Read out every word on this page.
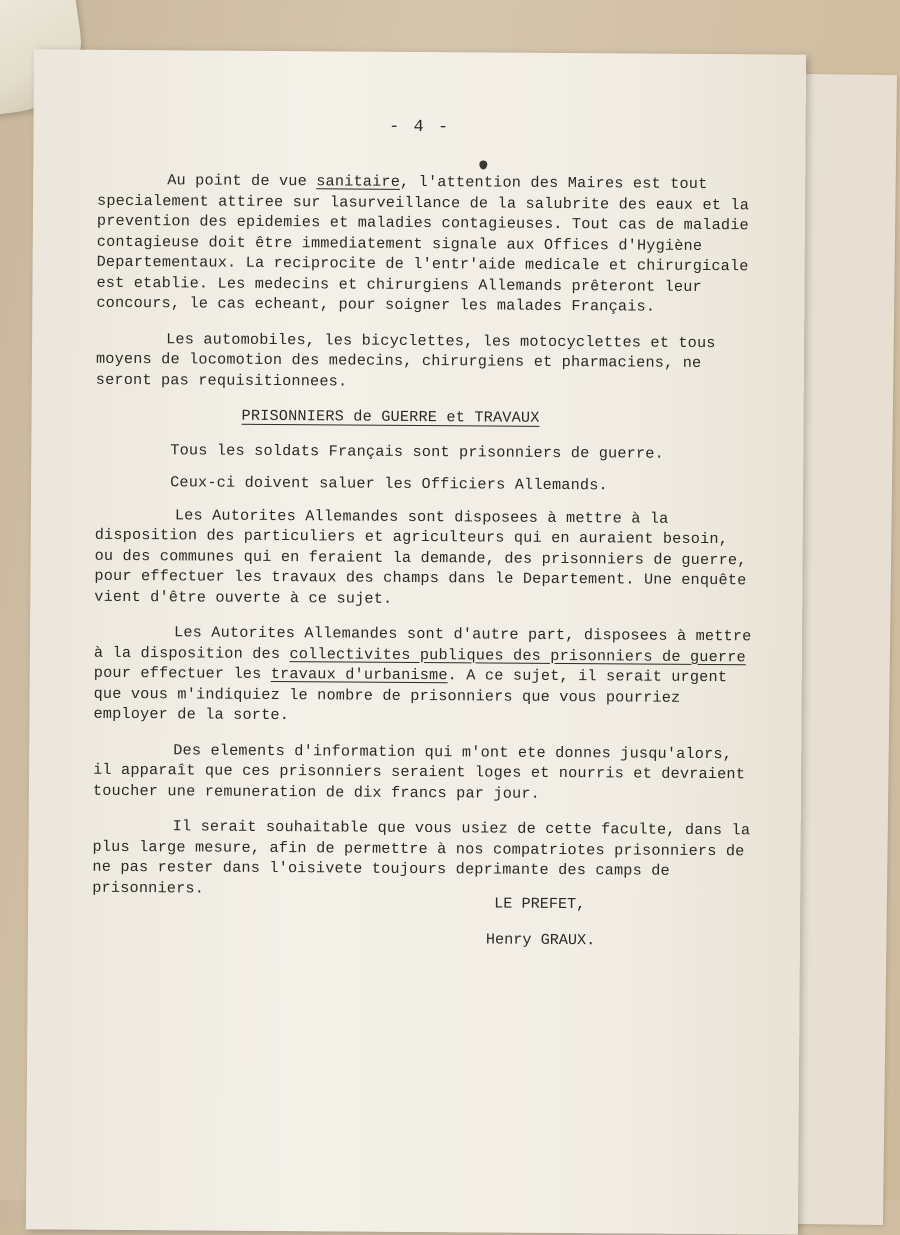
- 4 -

Au point de vue sanitaire, l'attention des Maires est tout specialement attiree sur lasurveillance de la salubrite des eaux et la prevention des epidemies et maladies contagieuses. Tout cas de maladie contagieuse doit être immediatement signale aux Offices d'Hygiène Departementaux. La reciprocite de l'entr'aide medicale et chirurgicale est etablie. Les medecins et chirurgiens Allemands prêteront leur concours, le cas echeant, pour soigner les malades Français.

Les automobiles, les bicyclettes, les motocyclettes et tous moyens de locomotion des medecins, chirurgiens et pharmaciens, ne seront pas requisitionnees.

PRISONNIERS de GUERRE et TRAVAUX

Tous les soldats Français sont prisonniers de guerre.

Ceux-ci doivent saluer les Officiers Allemands.

Les Autorites Allemandes sont disposees à mettre à la disposition des particuliers et agriculteurs qui en auraient besoin, ou des communes qui en feraient la demande, des prisonniers de guerre, pour effectuer les travaux des champs dans le Departement. Une enquête vient d'être ouverte à ce sujet.

Les Autorites Allemandes sont d'autre part, disposees à mettre à la disposition des collectivites publiques des prisonniers de guerre pour effectuer les travaux d'urbanisme. A ce sujet, il serait urgent que vous m'indiquiez le nombre de prisonniers que vous pourriez employer de la sorte.

Des elements d'information qui m'ont ete donnes jusqu'alors, il apparaît que ces prisonniers seraient loges et nourris et devraient toucher une remuneration de dix francs par jour.

Il serait souhaitable que vous usiez de cette faculte, dans la plus large mesure, afin de permettre à nos compatriotes prisonniers de ne pas rester dans l'oisivete toujours deprimante des camps de prisonniers.

LE PREFET,
Henry GRAUX.
